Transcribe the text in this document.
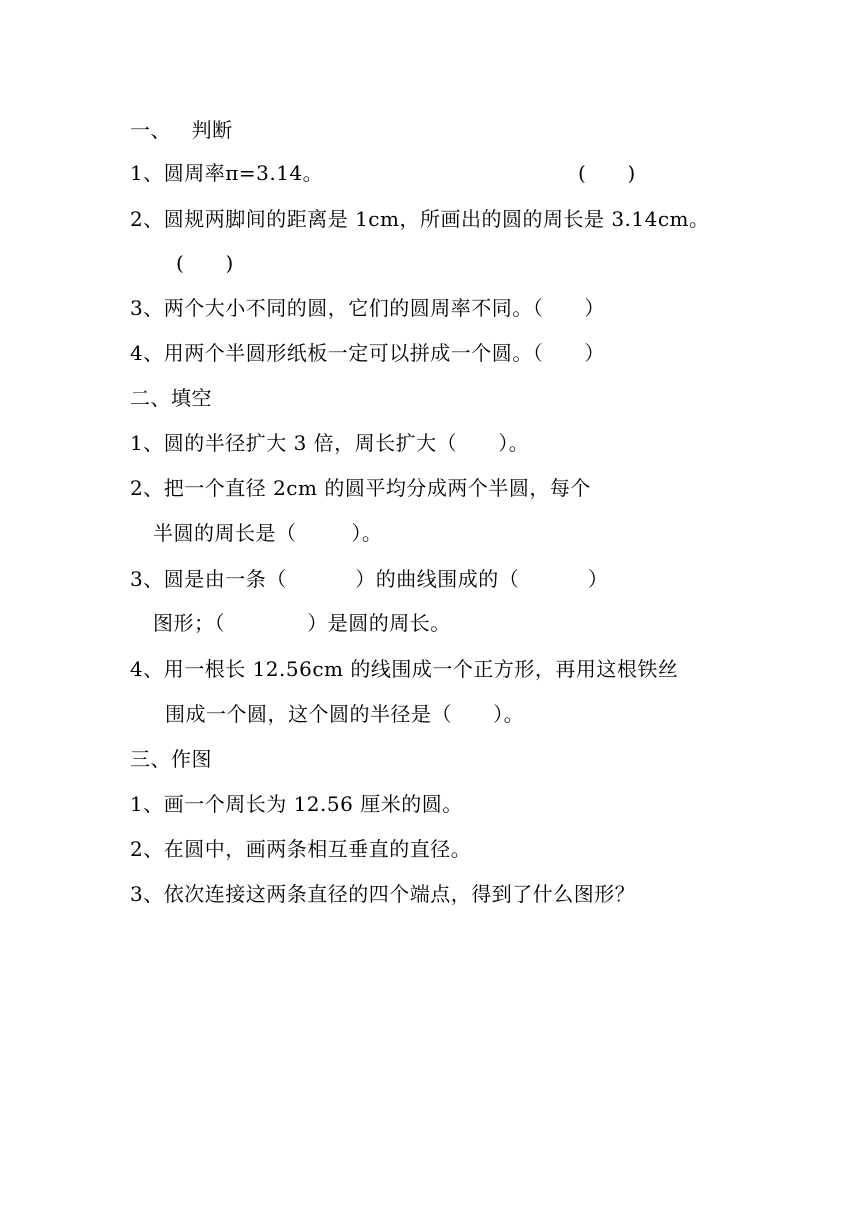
一、   判断
1、圆周率π=3.14。	(      )
2、圆规两脚间的距离是 1cm，所画出的圆的周长是 3.14cm。
(      )
3、两个大小不同的圆，它们的圆周率不同。（      ）
4、用两个半圆形纸板一定可以拼成一个圆。（      ）
二、填空
1、圆的半径扩大 3 倍，周长扩大（      ）。
2、把一个直径 2cm 的圆平均分成两个半圆，每个
半圆的周长是（        ）。
3、圆是由一条（          ）的曲线围成的（          ）
图形；（            ）是圆的周长。
4、用一根长 12.56cm 的线围成一个正方形，再用这根铁丝
围成一个圆，这个圆的半径是（      ）。
三、作图
1、画一个周长为 12.56 厘米的圆。
2、在圆中，画两条相互垂直的直径。
3、依次连接这两条直径的四个端点，得到了什么图形？
